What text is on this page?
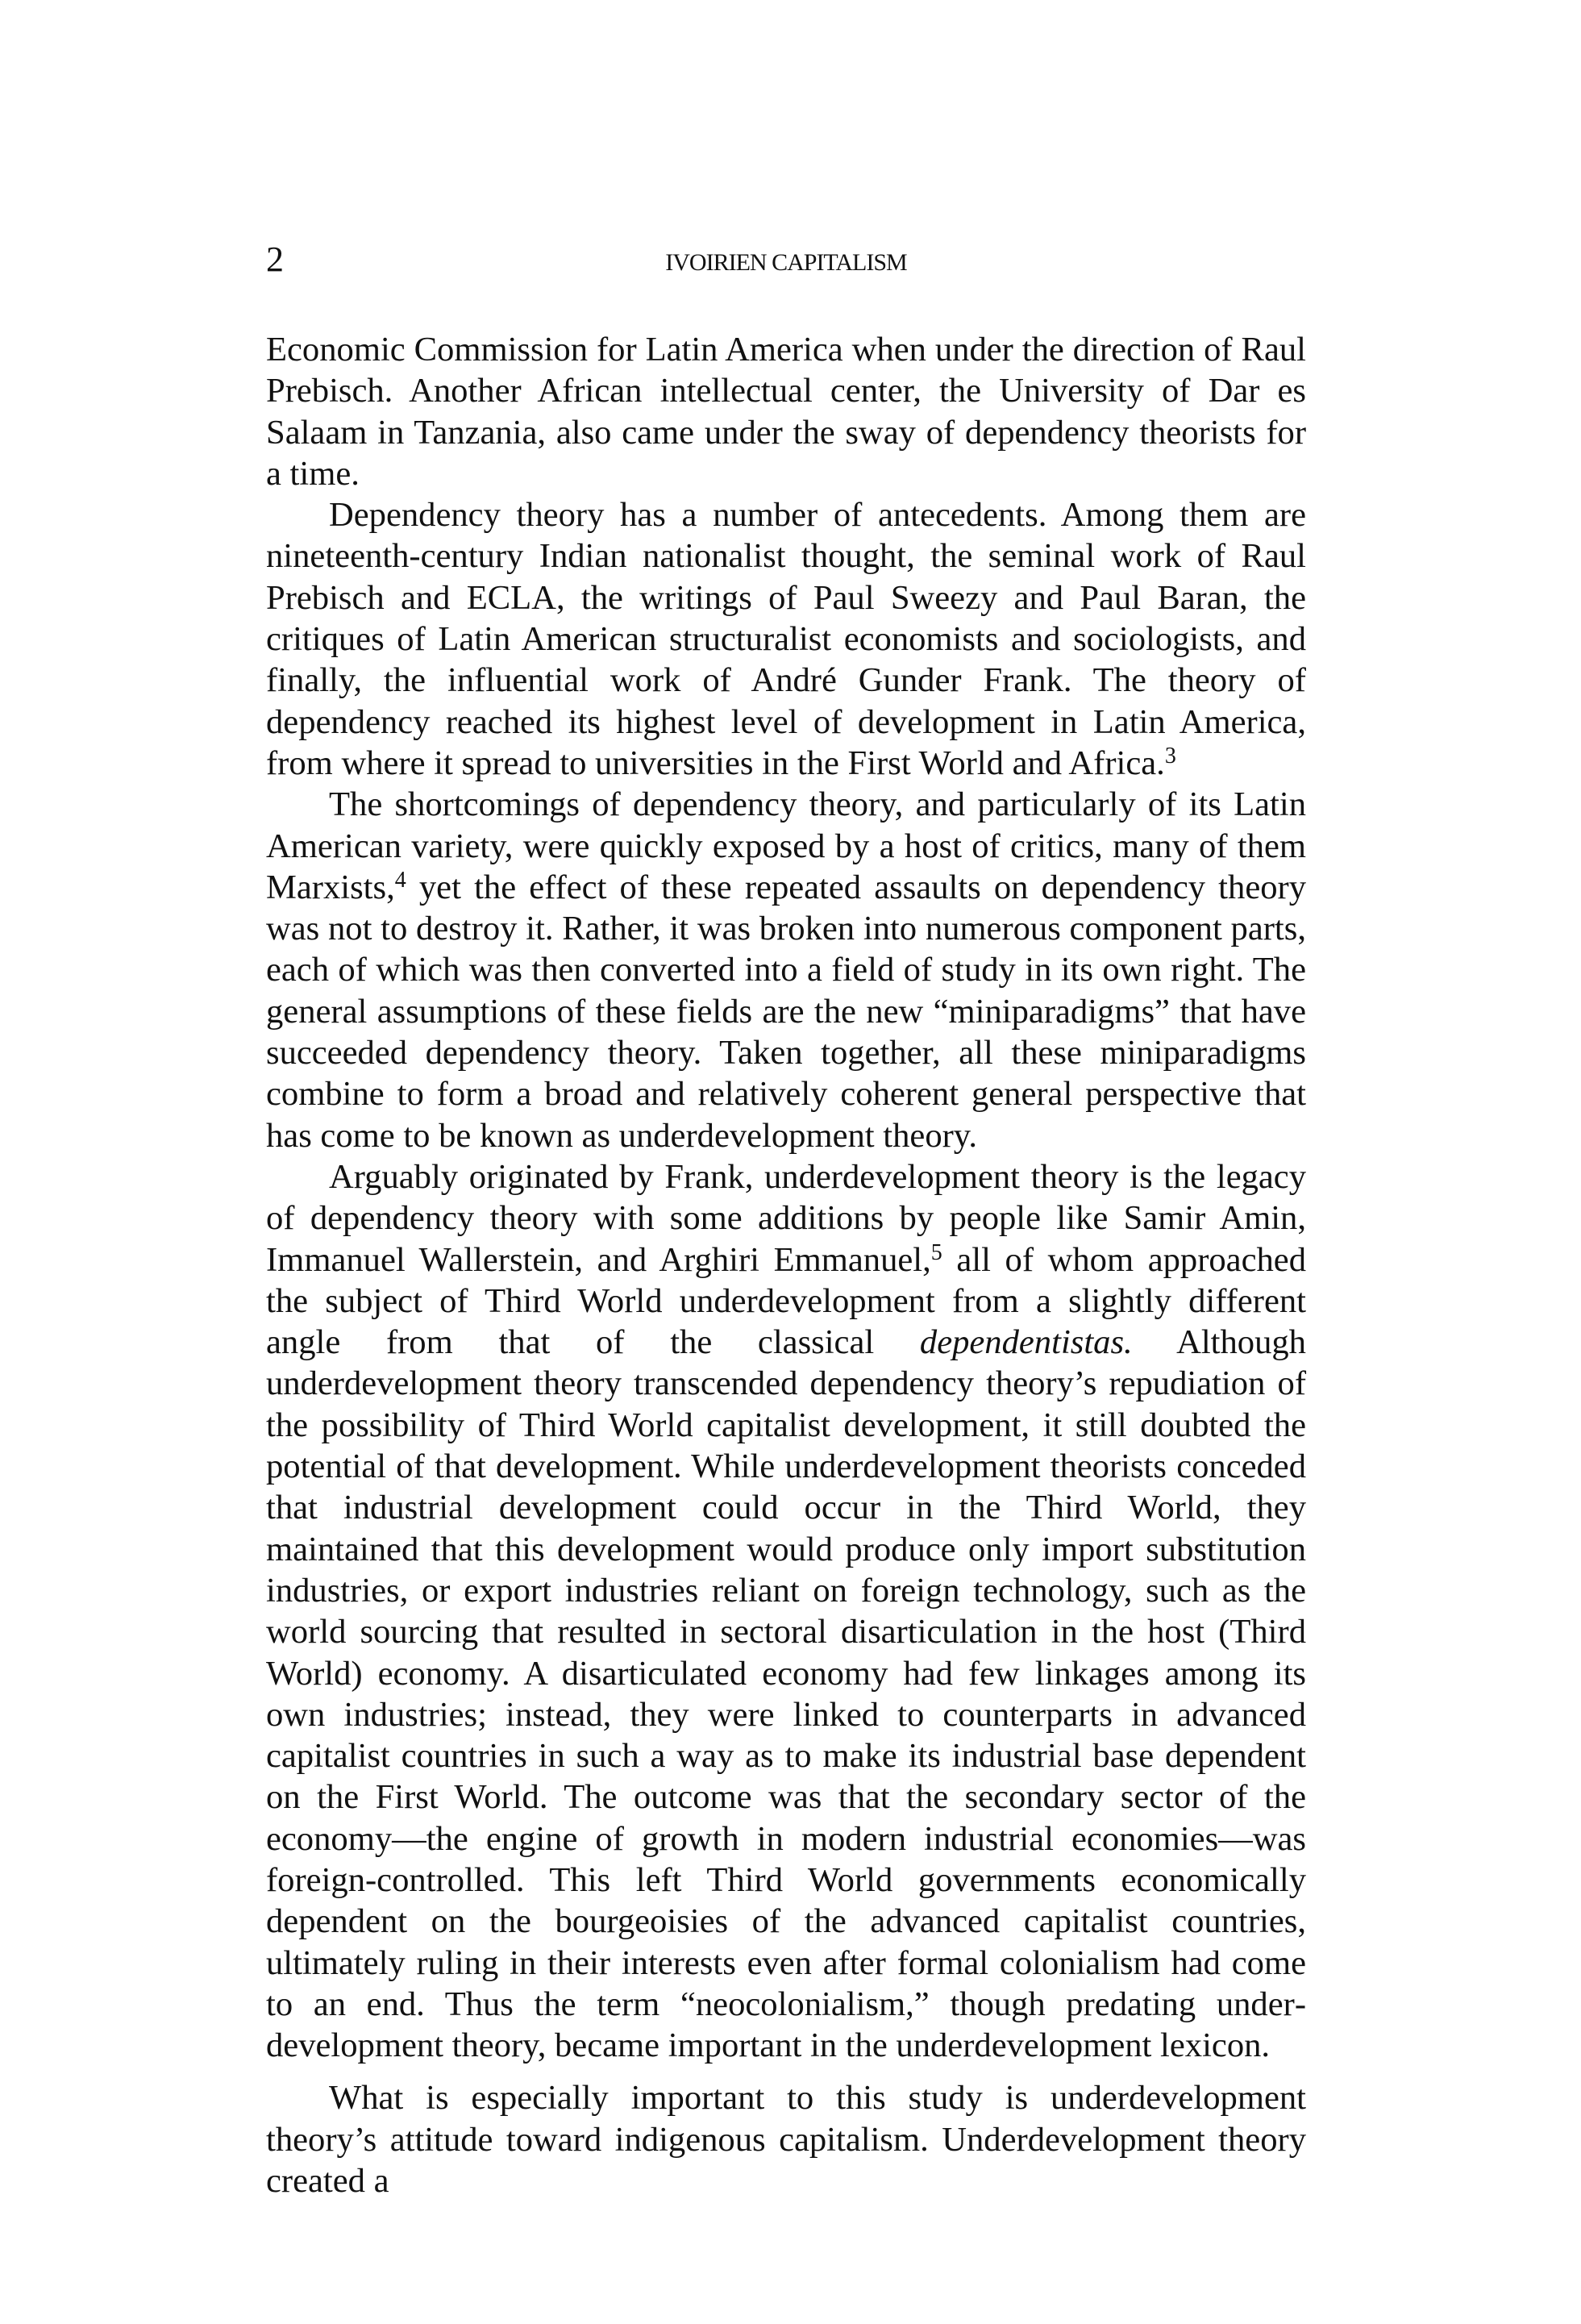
2	IVOIRIEN CAPITALISM

Economic Commission for Latin America when under the direction of Raul Prebisch. Another African intellectual center, the University of Dar es Salaam in Tanzania, also came under the sway of dependency theorists for a time.

Dependency theory has a number of antecedents. Among them are nineteenth-century Indian nationalist thought, the seminal work of Raul Prebisch and ECLA, the writings of Paul Sweezy and Paul Baran, the critiques of Latin American structuralist economists and sociologists, and finally, the influential work of André Gunder Frank. The theory of dependency reached its highest level of development in Latin America, from where it spread to universities in the First World and Africa.$^3$

The shortcomings of dependency theory, and particularly of its Latin American variety, were quickly exposed by a host of critics, many of them Marxists,$^4$ yet the effect of these repeated assaults on dependency theory was not to destroy it. Rather, it was broken into numerous component parts, each of which was then converted into a field of study in its own right. The general assumptions of these fields are the new “miniparadigms” that have succeeded dependency theory. Taken together, all these miniparadigms combine to form a broad and relatively coherent general perspective that has come to be known as underdevelopment theory.

Arguably originated by Frank, underdevelopment theory is the legacy of dependency theory with some additions by people like Samir Amin, Immanuel Wallerstein, and Arghiri Emmanuel,$^5$ all of whom approached the subject of Third World underdevelopment from a slightly different angle from that of the classical dependentistas. Although underdevelopment theory transcended dependency theory’s repudiation of the possibility of Third World capitalist development, it still doubted the potential of that development. While underdevelopment theorists conceded that industrial development could occur in the Third World, they maintained that this development would produce only import substitution industries, or export industries reliant on foreign technology, such as the world sourcing that resulted in sectoral disarticulation in the host (Third World) economy. A disarticulated economy had few linkages among its own industries; instead, they were linked to counterparts in advanced capitalist countries in such a way as to make its industrial base dependent on the First World. The outcome was that the secondary sector of the economy—the engine of growth in modern industrial economies—was foreign-controlled. This left Third World governments economically dependent on the bourgeoisies of the advanced capitalist countries, ultimately ruling in their interests even after formal colonialism had come to an end. Thus the term “neocolonialism,” though predating underdevelopment theory, became important in the underdevelopment lexicon.

What is especially important to this study is underdevelopment theory’s attitude toward indigenous capitalism. Underdevelopment theory created a
